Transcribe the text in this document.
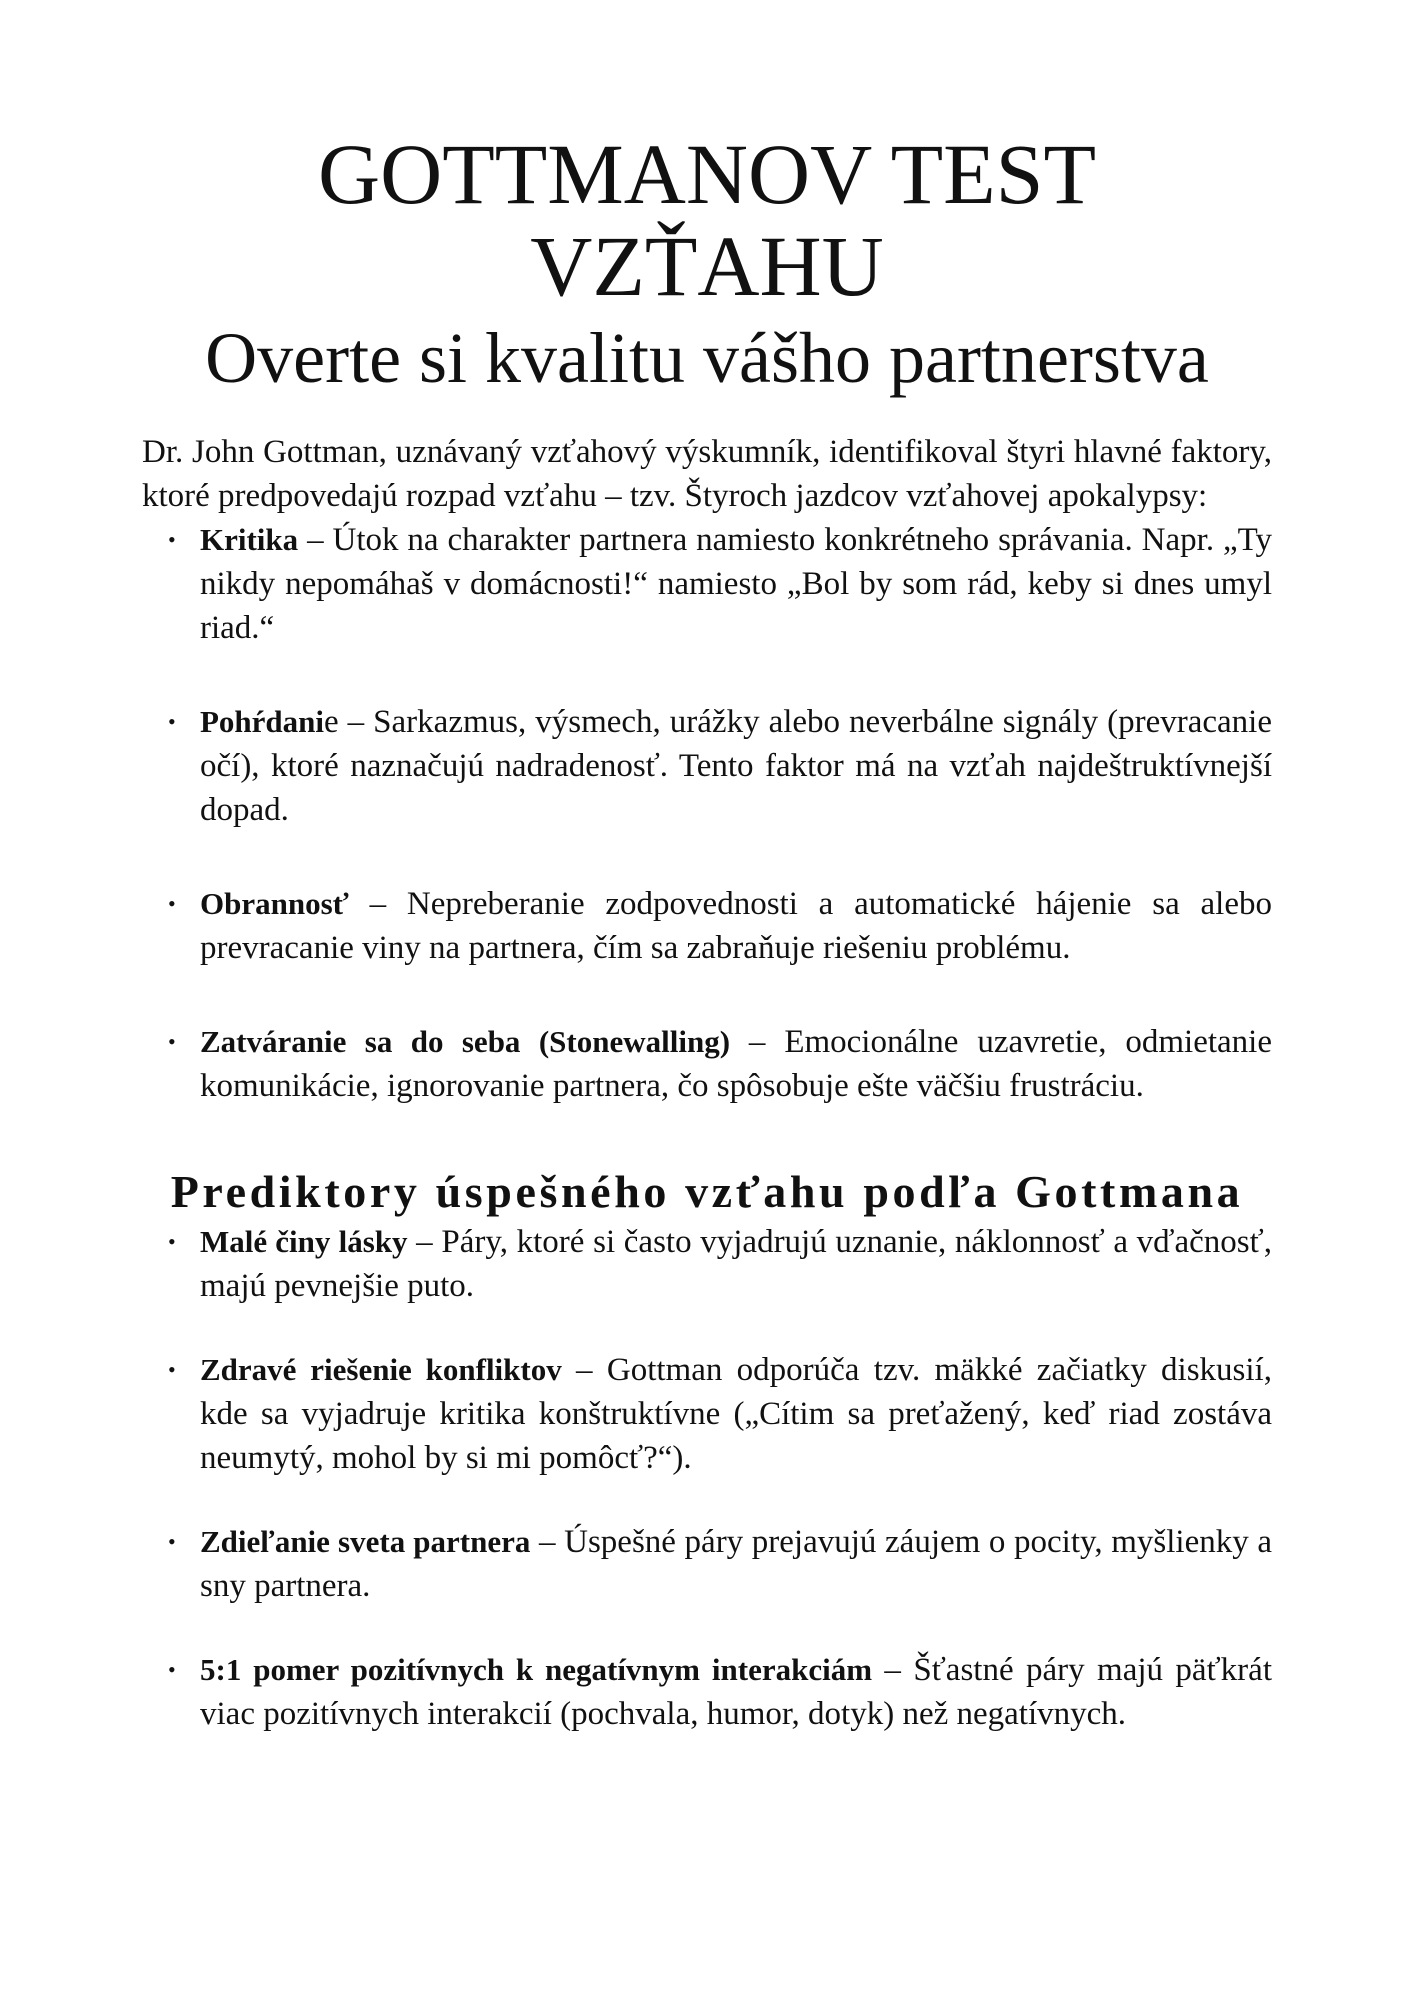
GOTTMANOV TEST VZŤAHU
Overte si kvalitu vášho partnerstva

Dr. John Gottman, uznávaný vzťahový výskumník, identifikoval štyri hlavné faktory, ktoré predpovedajú rozpad vzťahu – tzv. Štyroch jazdcov vzťahovej apokalypsy:

• Kritika – Útok na charakter partnera namiesto konkrétneho správania. Napr. „Ty nikdy nepomáhaš v domácnosti!“ namiesto „Bol by som rád, keby si dnes umyl riad.“
• Pohŕdanie – Sarkazmus, výsmech, urážky alebo neverbálne signály (prevracanie očí), ktoré naznačujú nadradenosť. Tento faktor má na vzťah najdeštruktívnejší dopad.
• Obrannosť – Nepreberanie zodpovednosti a automatické hájenie sa alebo prevracanie viny na partnera, čím sa zabraňuje riešeniu problému.
• Zatváranie sa do seba (Stonewalling) – Emocionálne uzavretie, odmietanie komunikácie, ignorovanie partnera, čo spôsobuje ešte väčšiu frustráciu.
Prediktory úspešného vzťahu podľa Gottmana
• Malé činy lásky – Páry, ktoré si často vyjadrujú uznanie, náklonnosť a vďačnosť, majú pevnejšie puto.
• Zdravé riešenie konfliktov – Gottman odporúča tzv. mäkké začiatky diskusií, kde sa vyjadruje kritika konštruktívne („Cítim sa preťažený, keď riad zostáva neumytý, mohol by si mi pomôcť?“).
• Zdieľanie sveta partnera – Úspešné páry prejavujú záujem o pocity, myšlienky a sny partnera.
• 5:1 pomer pozitívnych k negatívnym interakciám – Šťastné páry majú päťkrát viac pozitívnych interakcií (pochvala, humor, dotyk) než negatívnych.
